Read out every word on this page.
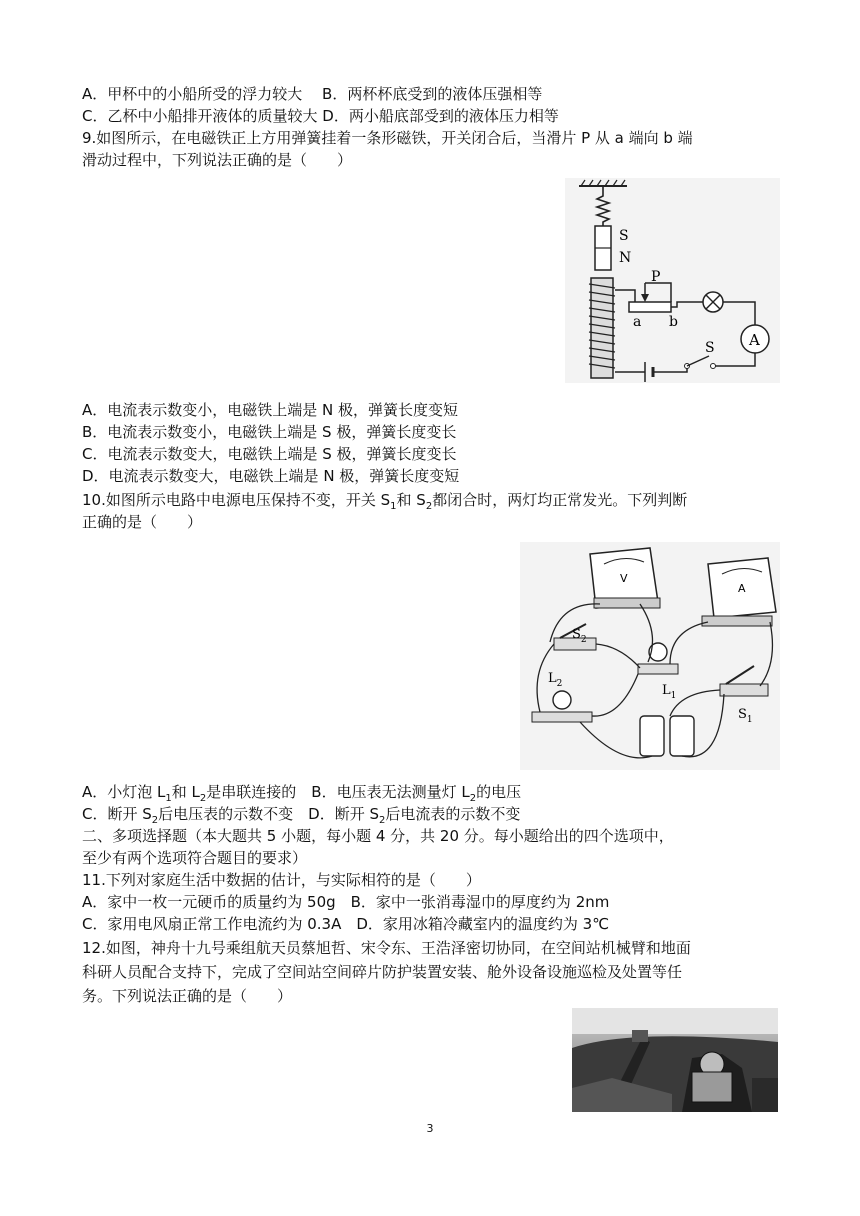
A．甲杯中的小船所受的浮力较大　 B．两杯杯底受到的液体压强相等
C．乙杯中小船排开液体的质量较大 D．两小船底部受到的液体压力相等
9.如图所示，在电磁铁正上方用弹簧挂着一条形磁铁，开关闭合后，当滑片 P 从 a 端向 b 端
滑动过程中，下列说法正确的是（　　）
S
N
S
P
a b
A
A．电流表示数变小，电磁铁上端是 N 极，弹簧长度变短
B．电流表示数变小，电磁铁上端是 S 极，弹簧长度变长
C．电流表示数变大，电磁铁上端是 S 极，弹簧长度变长
D．电流表示数变大，电磁铁上端是 N 极，弹簧长度变短
10.如图所示电路中电源电压保持不变，开关 $S_1$和 $S_2$都闭合时，两灯均正常发光。下列判断
正确的是（　　）
V
A
$S_2$
$L_1$
$L_2$
$S_1$
A．小灯泡 $L_1$和 $L_2$是串联连接的　B．电压表无法测量灯 $L_2$的电压
C．断开 $S_2$后电压表的示数不变　D．断开 $S_2$后电流表的示数不变
二、多项选择题（本大题共 5 小题，每小题 4 分，共 20 分。每小题给出的四个选项中，
至少有两个选项符合题目的要求）
11.下列对家庭生活中数据的估计，与实际相符的是（　　）
A．家中一枚一元硬币的质量约为 50g　B．家中一张消毒湿巾的厚度约为 2nm
C．家用电风扇正常工作电流约为 0.3A　D．家用冰箱冷藏室内的温度约为 3℃
12.如图，神舟十九号乘组航天员蔡旭哲、宋令东、王浩泽密切协同，在空间站机械臂和地面
科研人员配合支持下，完成了空间站空间碎片防护装置安装、舱外设备设施巡检及处置等任
务。下列说法正确的是（　　）
3
